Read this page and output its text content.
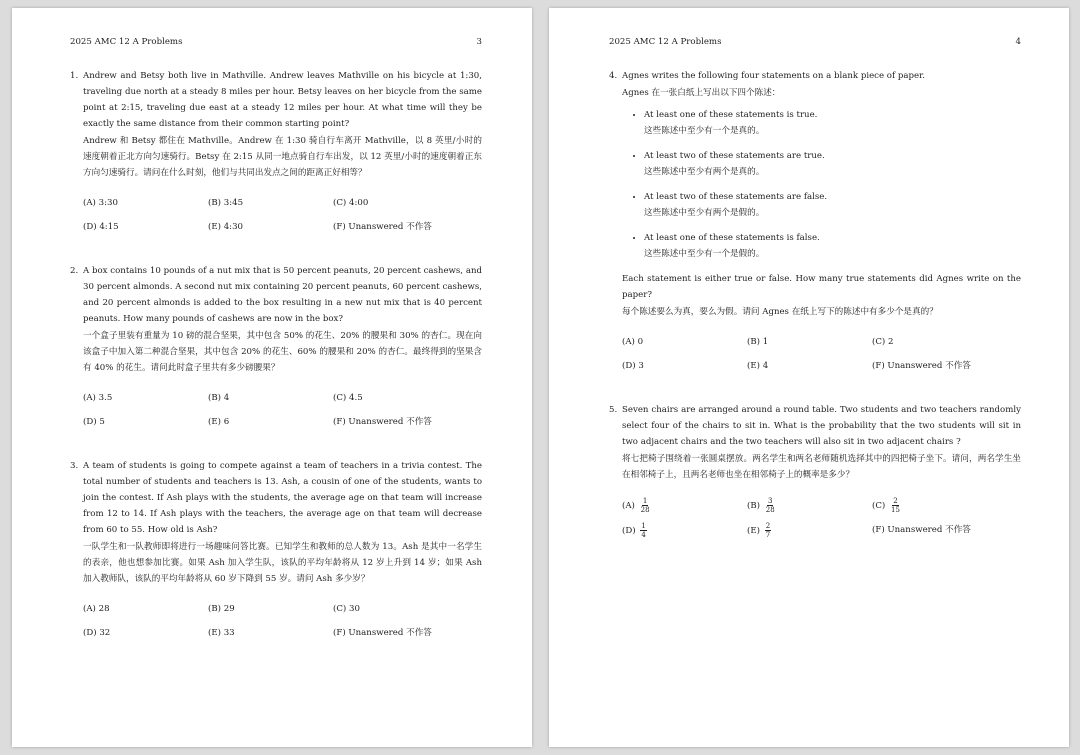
2025 AMC 12 A Problems	3
1. Andrew and Betsy both live in Mathville. Andrew leaves Mathville on his bicycle at 1:30, traveling due north at a steady 8 miles per hour. Betsy leaves on her bicycle from the same point at 2:15, traveling due east at a steady 12 miles per hour. At what time will they be exactly the same distance from their common starting point?

Andrew 和 Betsy 都住在 Mathville。Andrew 在 1:30 骑自行车离开 Mathville，以 8 英里/小时的速度朝着正北方向匀速骑行。Betsy 在 2:15 从同一地点骑自行车出发，以 12 英里/小时的速度朝着正东方向匀速骑行。请问在什么时刻，他们与共同出发点之间的距离正好相等？

(A) 3:30	(B) 3:45	(C) 4:00
(D) 4:15	(E) 4:30	(F) Unanswered 不作答
2. A box contains 10 pounds of a nut mix that is 50 percent peanuts, 20 percent cashews, and 30 percent almonds. A second nut mix containing 20 percent peanuts, 60 percent cashews, and 20 percent almonds is added to the box resulting in a new nut mix that is 40 percent peanuts. How many pounds of cashews are now in the box?

一个盒子里装有重量为 10 磅的混合坚果，其中包含 50% 的花生、20% 的腰果和 30% 的杏仁。现在向该盒子中加入第二种混合坚果，其中包含 20% 的花生、60% 的腰果和 20% 的杏仁。最终得到的坚果含有 40% 的花生。请问此时盒子里共有多少磅腰果？

(A) 3.5	(B) 4	(C) 4.5
(D) 5	(E) 6	(F) Unanswered 不作答
3. A team of students is going to compete against a team of teachers in a trivia contest. The total number of students and teachers is 13. Ash, a cousin of one of the students, wants to join the contest. If Ash plays with the students, the average age on that team will increase from 12 to 14. If Ash plays with the teachers, the average age on that team will decrease from 60 to 55. How old is Ash?

一队学生和一队教师即将进行一场趣味问答比赛。已知学生和教师的总人数为 13。Ash 是其中一名学生的表亲，他也想参加比赛。如果 Ash 加入学生队，该队的平均年龄将从 12 岁上升到 14 岁；如果 Ash 加入教师队，该队的平均年龄将从 60 岁下降到 55 岁。请问 Ash 多少岁？

(A) 28	(B) 29	(C) 30
(D) 32	(E) 33	(F) Unanswered 不作答
2025 AMC 12 A Problems	4
4. Agnes writes the following four statements on a blank piece of paper.

Agnes 在一张白纸上写出以下四个陈述：

• At least one of these statements is true.
这些陈述中至少有一个是真的。
• At least two of these statements are true.
这些陈述中至少有两个是真的。
• At least two of these statements are false.
这些陈述中至少有两个是假的。
• At least one of these statements is false.
这些陈述中至少有一个是假的。

Each statement is either true or false. How many true statements did Agnes write on the paper?

每个陈述要么为真，要么为假。请问 Agnes 在纸上写下的陈述中有多少个是真的？

(A) 0	(B) 1	(C) 2
(D) 3	(E) 4	(F) Unanswered 不作答
5. Seven chairs are arranged around a round table. Two students and two teachers randomly select four of the chairs to sit in. What is the probability that the two students will sit in two adjacent chairs and the two teachers will also sit in two adjacent chairs ?

将七把椅子围绕着一张圆桌摆放。两名学生和两名老师随机选择其中的四把椅子坐下。请问，两名学生坐在相邻椅子上，且两名老师也坐在相邻椅子上的概率是多少？

$(A) \frac{1}{28}$	$(B) \frac{3}{28}$	$(C) \frac{2}{15}$
$(D) \frac{1}{4}$	$(E) \frac{2}{7}$	(F) Unanswered 不作答
